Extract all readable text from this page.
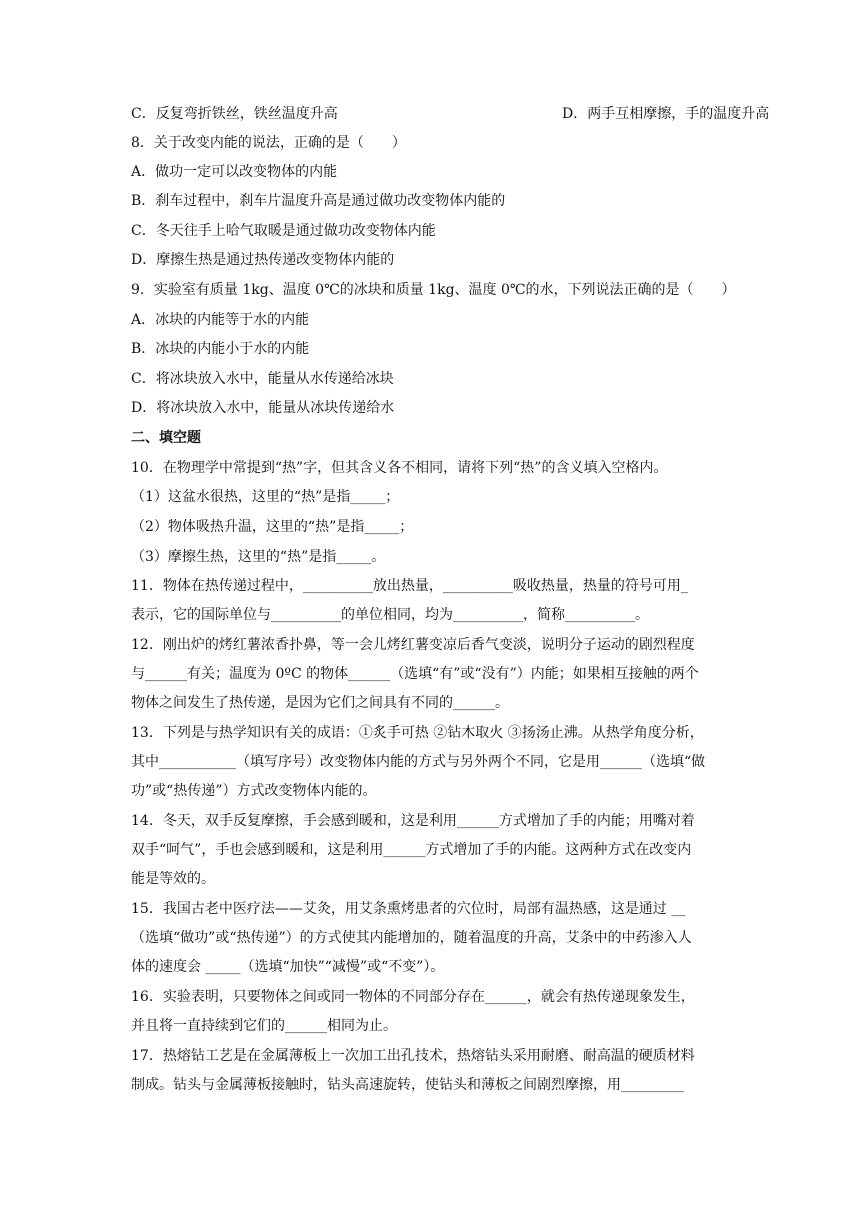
C．反复弯折铁丝，铁丝温度升高	D．两手互相摩擦，手的温度升高
8．关于改变内能的说法，正确的是（　　）
A．做功一定可以改变物体的内能
B．刹车过程中，刹车片温度升高是通过做功改变物体内能的
C．冬天往手上哈气取暖是通过做功改变物体内能
D．摩擦生热是通过热传递改变物体内能的
9．实验室有质量 1kg、温度 0℃的冰块和质量 1kg、温度 0℃的水，下列说法正确的是（　　）
A．冰块的内能等于水的内能
B．冰块的内能小于水的内能
C．将冰块放入水中，能量从水传递给冰块
D．将冰块放入水中，能量从冰块传递给水
二、填空题
10．在物理学中常提到“热”字，但其含义各不相同，请将下列“热”的含义填入空格内。
（1）这盆水很热，这里的“热”是指_____；
（2）物体吸热升温，这里的“热”是指_____；
（3）摩擦生热，这里的“热”是指_____。
11．物体在热传递过程中，__________放出热量，__________吸收热量，热量的符号可用_
表示，它的国际单位与__________的单位相同，均为__________，简称__________。
12．刚出炉的烤红薯浓香扑鼻，等一会儿烤红薯变凉后香气变淡，说明分子运动的剧烈程度
与______有关；温度为 0ºC 的物体______（选填“有”或“没有”）内能；如果相互接触的两个
物体之间发生了热传递，是因为它们之间具有不同的______。
13．下列是与热学知识有关的成语：①炙手可热 ②钻木取火 ③扬汤止沸。从热学角度分析，
其中___________（填写序号）改变物体内能的方式与另外两个不同，它是用______（选填“做
功”或“热传递”）方式改变物体内能的。
14．冬天，双手反复摩擦，手会感到暖和，这是利用______方式增加了手的内能；用嘴对着
双手“呵气”，手也会感到暖和，这是利用______方式增加了手的内能。这两种方式在改变内
能是等效的。
15．我国古老中医疗法——艾灸，用艾条熏烤患者的穴位时，局部有温热感，这是通过 __
（选填“做功”或“热传递”）的方式使其内能增加的，随着温度的升高，艾条中的中药渗入人
体的速度会 _____（选填“加快”“减慢”或“不变”）。
16．实验表明，只要物体之间或同一物体的不同部分存在______，就会有热传递现象发生，
并且将一直持续到它们的______相同为止。
17．热熔钻工艺是在金属薄板上一次加工出孔技术，热熔钻头采用耐磨、耐高温的硬质材料
制成。钻头与金属薄板接触时，钻头高速旋转，使钻头和薄板之间剧烈摩擦，用_________
